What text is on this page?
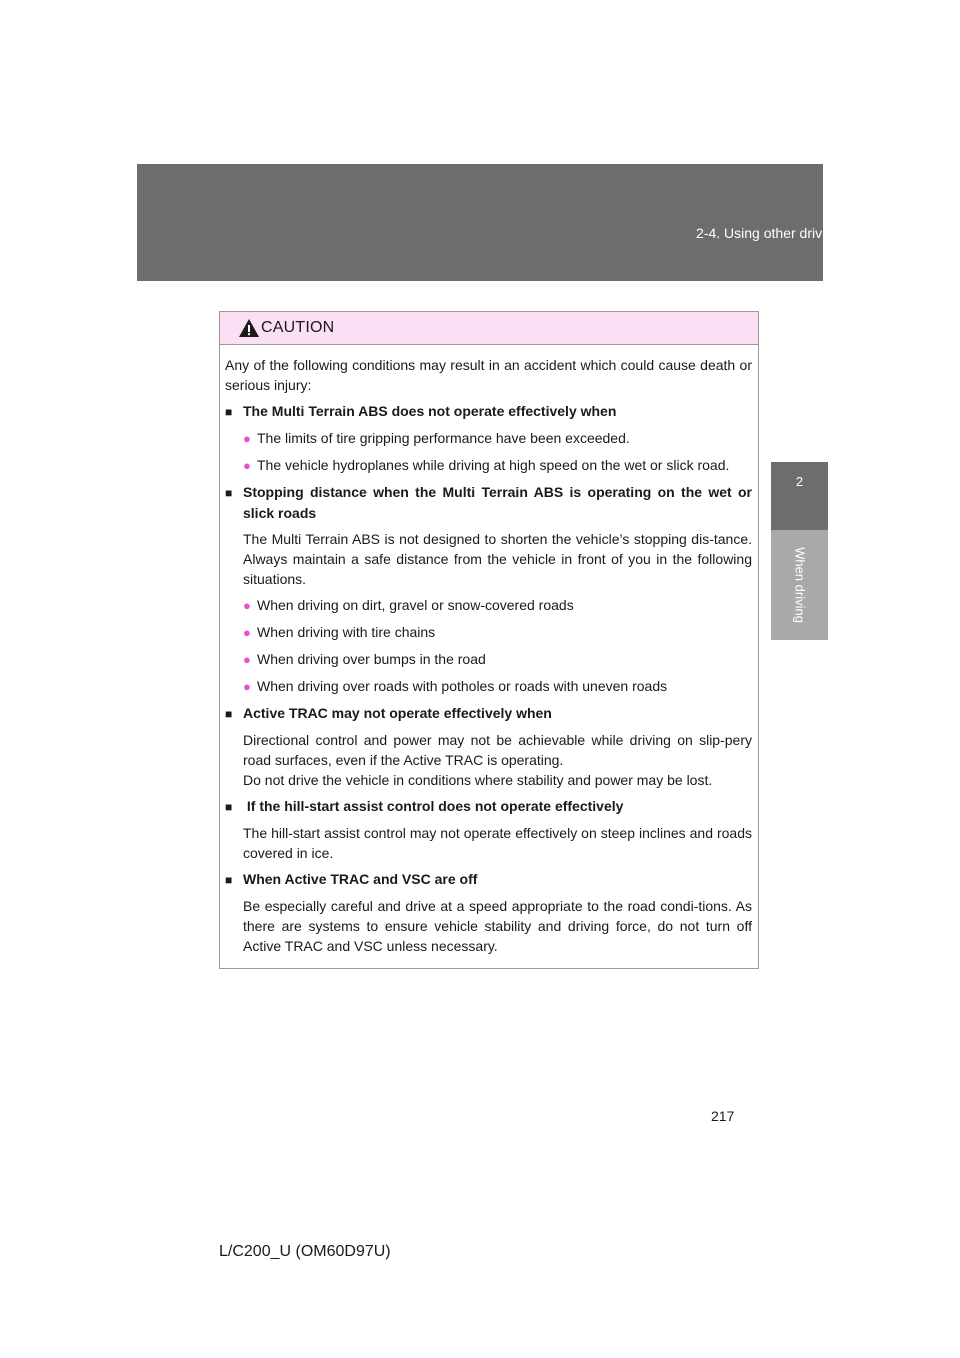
2-4. Using other driving systems
2
When driving
CAUTION

Any of the following conditions may result in an accident which could cause death or serious injury:

■ The Multi Terrain ABS does not operate effectively when

● The limits of tire gripping performance have been exceeded.

● The vehicle hydroplanes while driving at high speed on the wet or slick road.

■ Stopping distance when the Multi Terrain ABS is operating on the wet or slick roads

The Multi Terrain ABS is not designed to shorten the vehicle’s stopping dis-tance. Always maintain a safe distance from the vehicle in front of you in the following situations.

● When driving on dirt, gravel or snow-covered roads

● When driving with tire chains

● When driving over bumps in the road

● When driving over roads with potholes or roads with uneven roads

■ Active TRAC may not operate effectively when

Directional control and power may not be achievable while driving on slip-pery road surfaces, even if the Active TRAC is operating.
Do not drive the vehicle in conditions where stability and power may be lost.

■ If the hill-start assist control does not operate effectively

The hill-start assist control may not operate effectively on steep inclines and roads covered in ice.

■ When Active TRAC and VSC are off

Be especially careful and drive at a speed appropriate to the road condi-tions. As there are systems to ensure vehicle stability and driving force, do not turn off Active TRAC and VSC unless necessary.

217
L/C200_U (OM60D97U)
